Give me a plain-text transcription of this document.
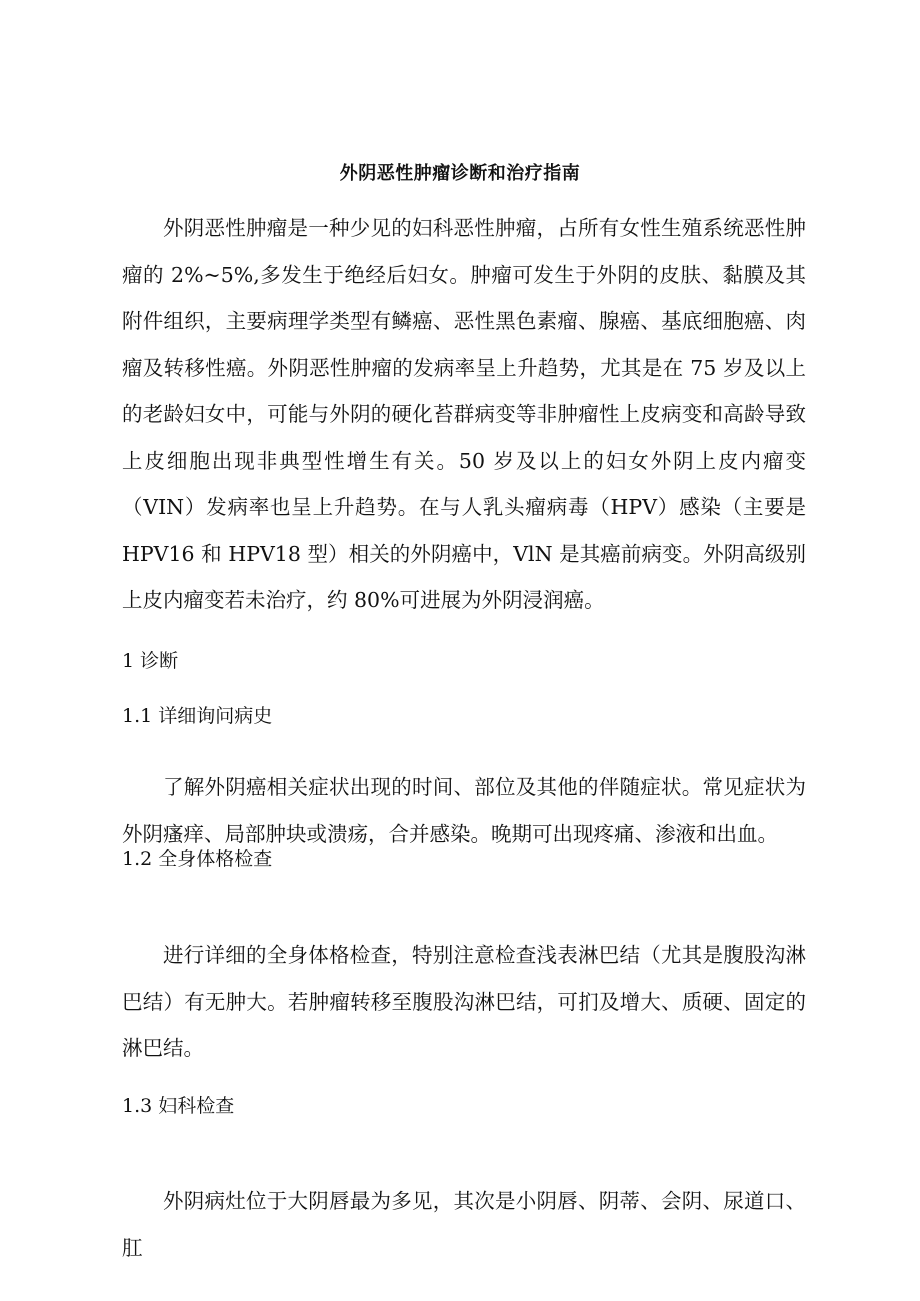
外阴恶性肿瘤诊断和治疗指南

外阴恶性肿瘤是一种少见的妇科恶性肿瘤，占所有女性生殖系统恶性肿瘤的 2%~5%,多发生于绝经后妇女。肿瘤可发生于外阴的皮肤、黏膜及其附件组织，主要病理学类型有鳞癌、恶性黑色素瘤、腺癌、基底细胞癌、肉瘤及转移性癌。外阴恶性肿瘤的发病率呈上升趋势，尤其是在 75 岁及以上的老龄妇女中，可能与外阴的硬化苔群病变等非肿瘤性上皮病变和高龄导致上皮细胞出现非典型性增生有关。50 岁及以上的妇女外阴上皮内瘤变（VIN）发病率也呈上升趋势。在与人乳头瘤病毒（HPV）感染（主要是 HPV16 和 HPV18 型）相关的外阴癌中，VlN 是其癌前病变。外阴高级别上皮内瘤变若未治疗，约 80%可进展为外阴浸润癌。

1 诊断

1.1 详细询问病史

了解外阴癌相关症状出现的时间、部位及其他的伴随症状。常见症状为外阴瘙痒、局部肿块或溃疡，合并感染。晚期可出现疼痛、渗液和出血。

1.2 全身体格检查

进行详细的全身体格检查，特别注意检查浅表淋巴结（尤其是腹股沟淋巴结）有无肿大。若肿瘤转移至腹股沟淋巴结，可扪及增大、质硬、固定的淋巴结。

1.3 妇科检查

外阴病灶位于大阴唇最为多见，其次是小阴唇、阴蒂、会阴、尿道口、肛
